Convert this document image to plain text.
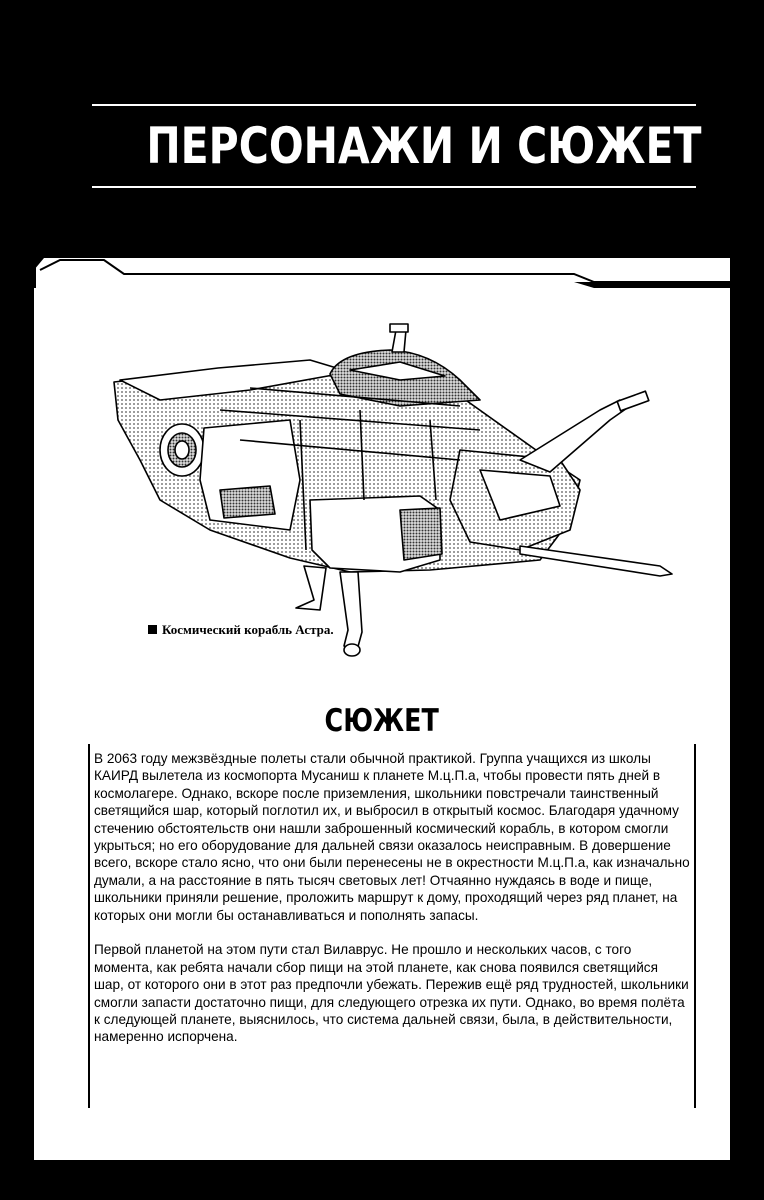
ПЕРСОНАЖИ И СЮЖЕТ
Космический корабль Астра.
СЮЖЕТ

В 2063 году межзвёздные полеты стали обычной практикой. Группа учащихся из школы КАИРД вылетела из космопорта Мусаниш к планете М.ц.П.а, чтобы провести пять дней в космолагере. Однако, вскоре после приземления, школьники повстречали таинственный светящийся шар, который поглотил их, и выбросил в открытый космос. Благодаря удачному стечению обстоятельств они нашли заброшенный космический корабль, в котором смогли укрыться; но его оборудование для дальней связи оказалось неисправным. В довершение всего, вскоре стало ясно, что они были перенесены не в окрестности М.ц.П.а, как изначально думали, а на расстояние в пять тысяч световых лет! Отчаянно нуждаясь в воде и пище, школьники приняли решение, проложить маршрут к дому, проходящий через ряд планет, на которых они могли бы останавливаться и пополнять запасы.

Первой планетой на этом пути стал Вилаврус. Не прошло и нескольких часов, с того момента, как ребята начали сбор пищи на этой планете, как снова появился светящийся шар, от которого они в этот раз предпочли убежать. Пережив ещё ряд трудностей, школьники смогли запасти достаточно пищи, для следующего отрезка их пути. Однако, во время полёта к следующей планете, выяснилось, что система дальней связи, была, в действительности, намеренно испорчена.
